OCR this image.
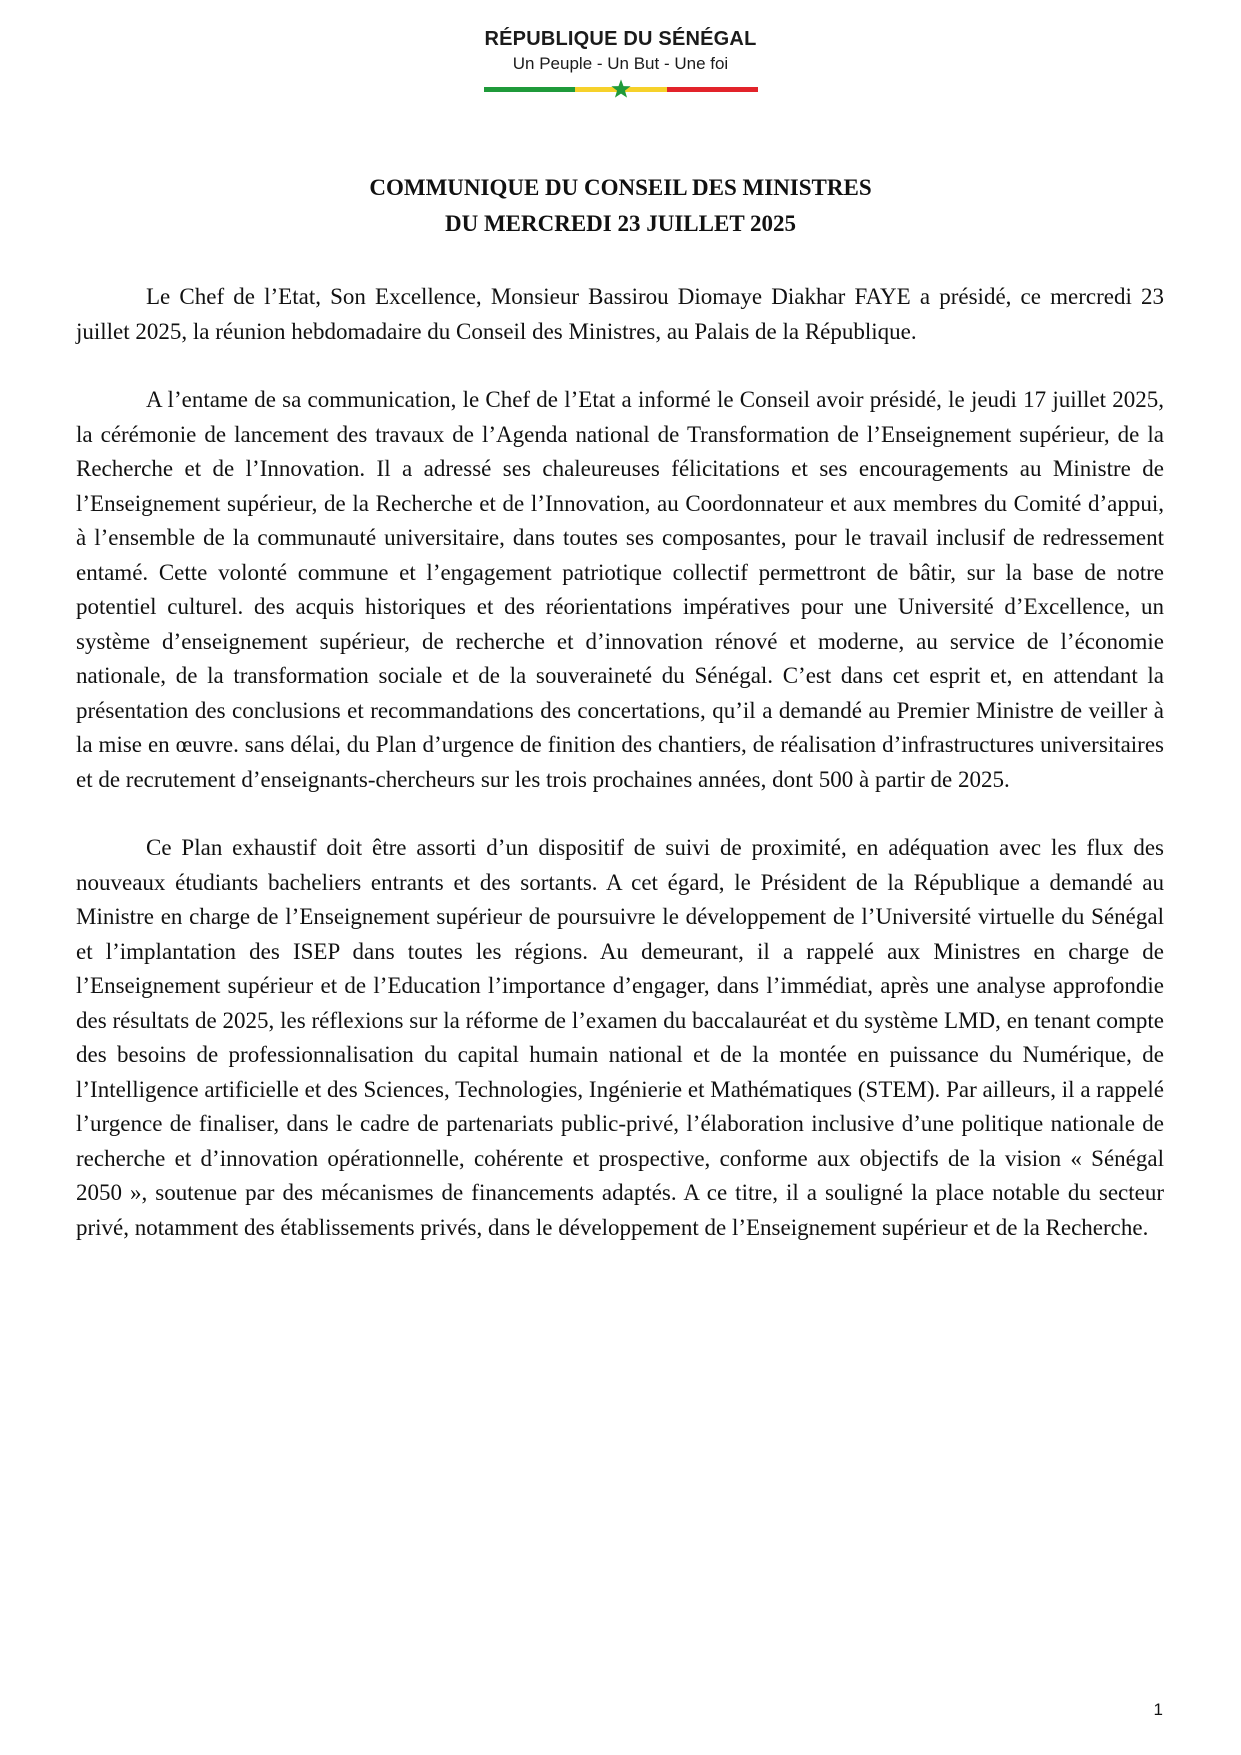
RÉPUBLIQUE DU SÉNÉGAL
Un Peuple - Un But - Une foi
COMMUNIQUE DU CONSEIL DES MINISTRES
DU MERCREDI 23 JUILLET 2025

Le Chef de l’Etat, Son Excellence, Monsieur Bassirou Diomaye Diakhar FAYE a présidé, ce mercredi 23 juillet 2025, la réunion hebdomadaire du Conseil des Ministres, au Palais de la République.

A l’entame de sa communication, le Chef de l’Etat a informé le Conseil avoir présidé, le jeudi 17 juillet 2025, la cérémonie de lancement des travaux de l’Agenda national de Transformation de l’Enseignement supérieur, de la Recherche et de l’Innovation. Il a adressé ses chaleureuses félicitations et ses encouragements au Ministre de l’Enseignement supérieur, de la Recherche et de l’Innovation, au Coordonnateur et aux membres du Comité d’appui, à l’ensemble de la communauté universitaire, dans toutes ses composantes, pour le travail inclusif de redressement entamé. Cette volonté commune et l’engagement patriotique collectif permettront de bâtir, sur la base de notre potentiel culturel. des acquis historiques et des réorientations impératives pour une Université d’Excellence, un système d’enseignement supérieur, de recherche et d’innovation rénové et moderne, au service de l’économie nationale, de la transformation sociale et de la souveraineté du Sénégal. C’est dans cet esprit et, en attendant la présentation des conclusions et recommandations des concertations, qu’il a demandé au Premier Ministre de veiller à la mise en œuvre. sans délai, du Plan d’urgence de finition des chantiers, de réalisation d’infrastructures universitaires et de recrutement d’enseignants-chercheurs sur les trois prochaines années, dont 500 à partir de 2025.

Ce Plan exhaustif doit être assorti d’un dispositif de suivi de proximité, en adéquation avec les flux des nouveaux étudiants bacheliers entrants et des sortants. A cet égard, le Président de la République a demandé au Ministre en charge de l’Enseignement supérieur de poursuivre le développement de l’Université virtuelle du Sénégal et l’implantation des ISEP dans toutes les régions. Au demeurant, il a rappelé aux Ministres en charge de l’Enseignement supérieur et de l’Education l’importance d’engager, dans l’immédiat, après une analyse approfondie des résultats de 2025, les réflexions sur la réforme de l’examen du baccalauréat et du système LMD, en tenant compte des besoins de professionnalisation du capital humain national et de la montée en puissance du Numérique, de l’Intelligence artificielle et des Sciences, Technologies, Ingénierie et Mathématiques (STEM). Par ailleurs, il a rappelé l’urgence de finaliser, dans le cadre de partenariats public-privé, l’élaboration inclusive d’une politique nationale de recherche et d’innovation opérationnelle, cohérente et prospective, conforme aux objectifs de la vision « Sénégal 2050 », soutenue par des mécanismes de financements adaptés. A ce titre, il a souligné la place notable du secteur privé, notamment des établissements privés, dans le développement de l’Enseignement supérieur et de la Recherche.

1
